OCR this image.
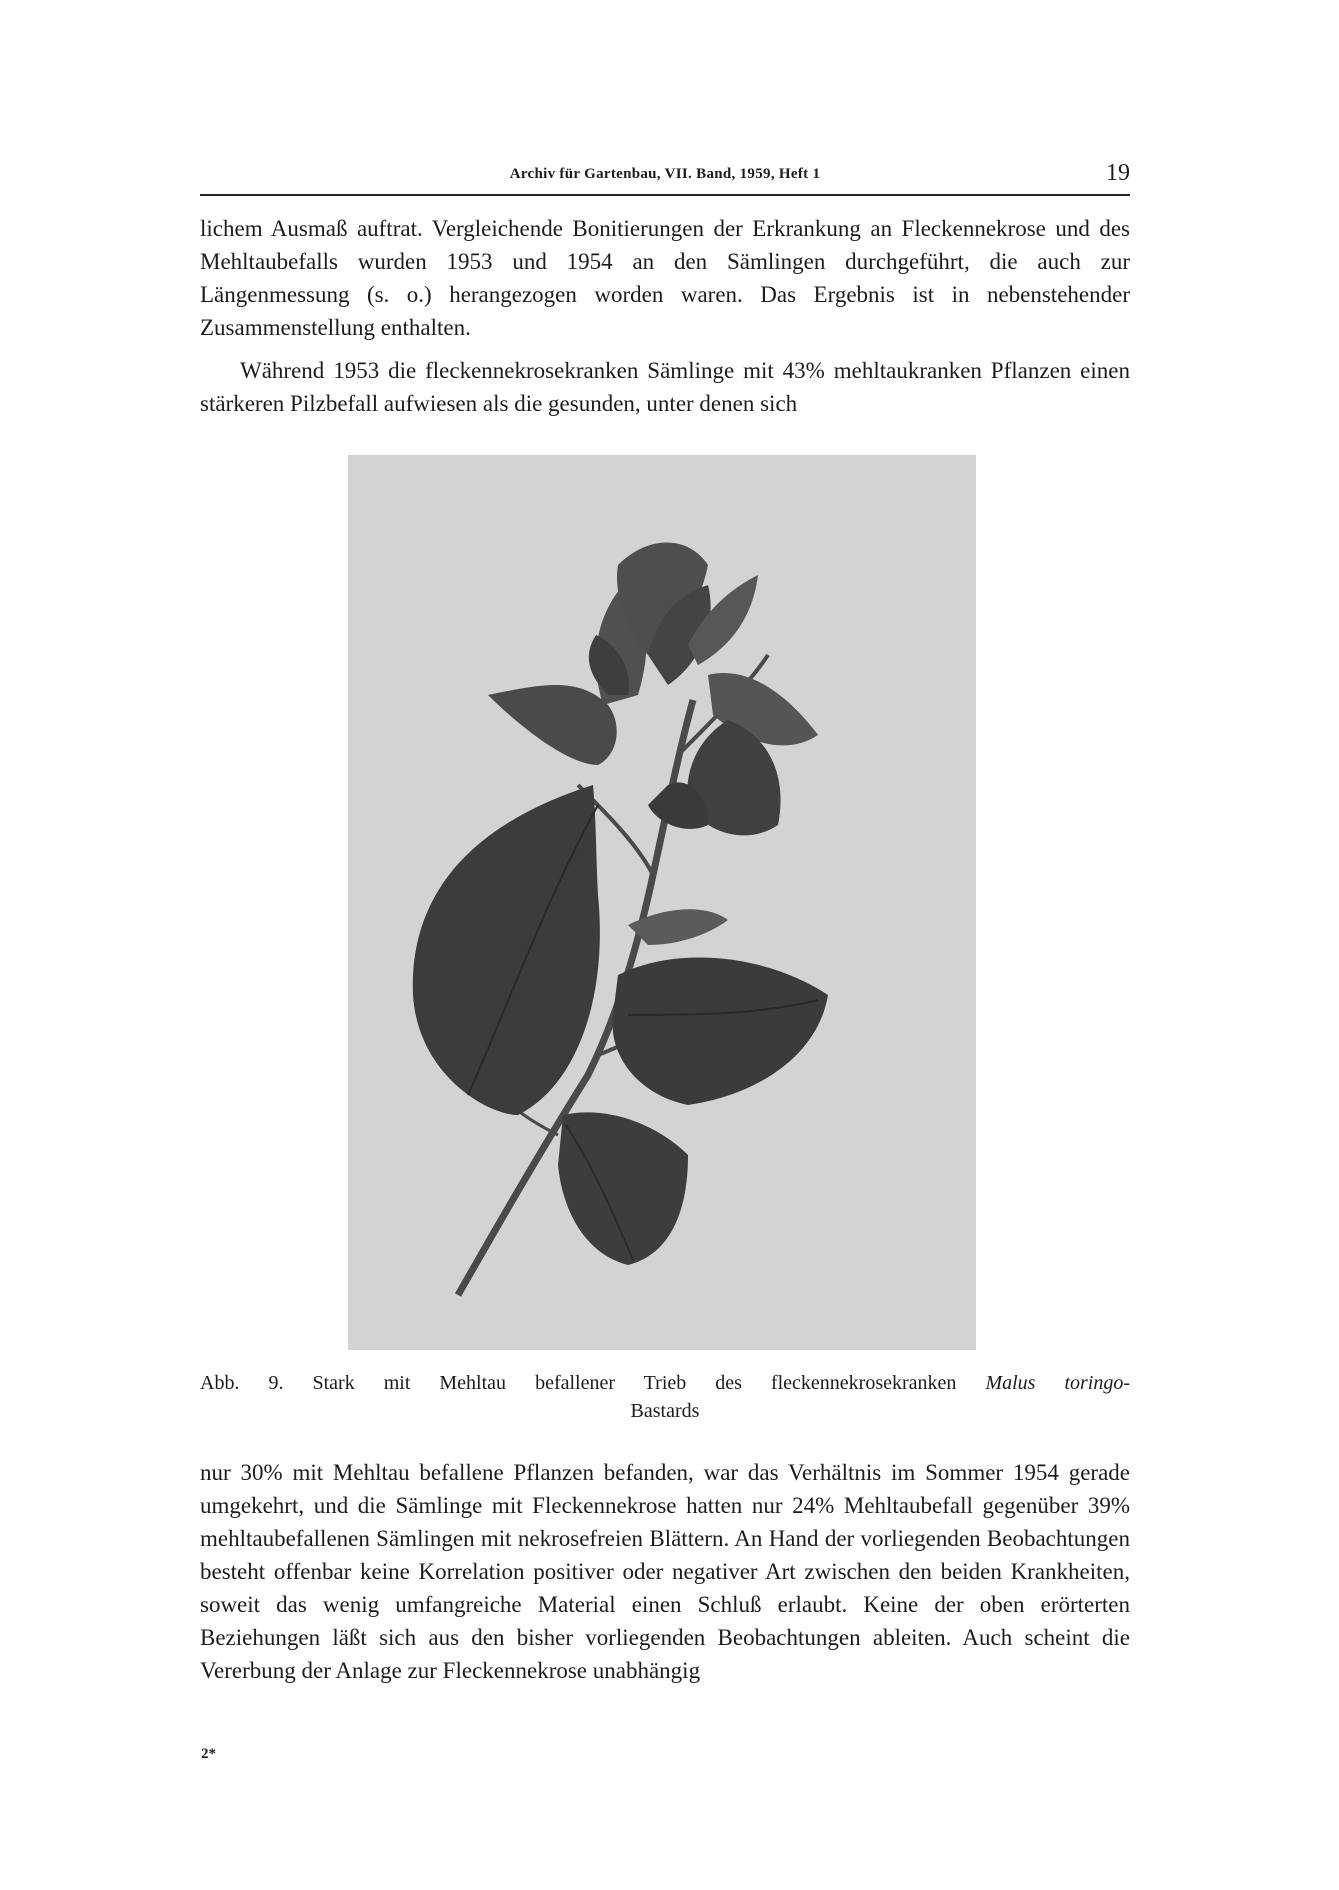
Archiv für Gartenbau, VII. Band, 1959, Heft 1	19

lichem Ausmaß auftrat. Vergleichende Bonitierungen der Erkrankung an Fleckennekrose und des Mehltaubefalls wurden 1953 und 1954 an den Sämlingen durchgeführt, die auch zur Längenmessung (s. o.) herangezogen worden waren. Das Ergebnis ist in nebenstehender Zusammenstellung enthalten.

Während 1953 die fleckennekrosekranken Sämlinge mit 43% mehltaukranken Pflanzen einen stärkeren Pilzbefall aufwiesen als die gesunden, unter denen sich

Abb. 9. Stark mit Mehltau befallener Trieb des fleckennekrosekranken Malus toringo-
Bastards

nur 30% mit Mehltau befallene Pflanzen befanden, war das Verhältnis im Sommer 1954 gerade umgekehrt, und die Sämlinge mit Fleckennekrose hatten nur 24% Mehltaubefall gegenüber 39% mehltaubefallenen Sämlingen mit nekrosefreien Blättern. An Hand der vorliegenden Beobachtungen besteht offenbar keine Korrelation positiver oder negativer Art zwischen den beiden Krankheiten, soweit das wenig umfangreiche Material einen Schluß erlaubt. Keine der oben erörterten Beziehungen läßt sich aus den bisher vorliegenden Beobachtungen ableiten. Auch scheint die Vererbung der Anlage zur Fleckennekrose unabhängig

2*
